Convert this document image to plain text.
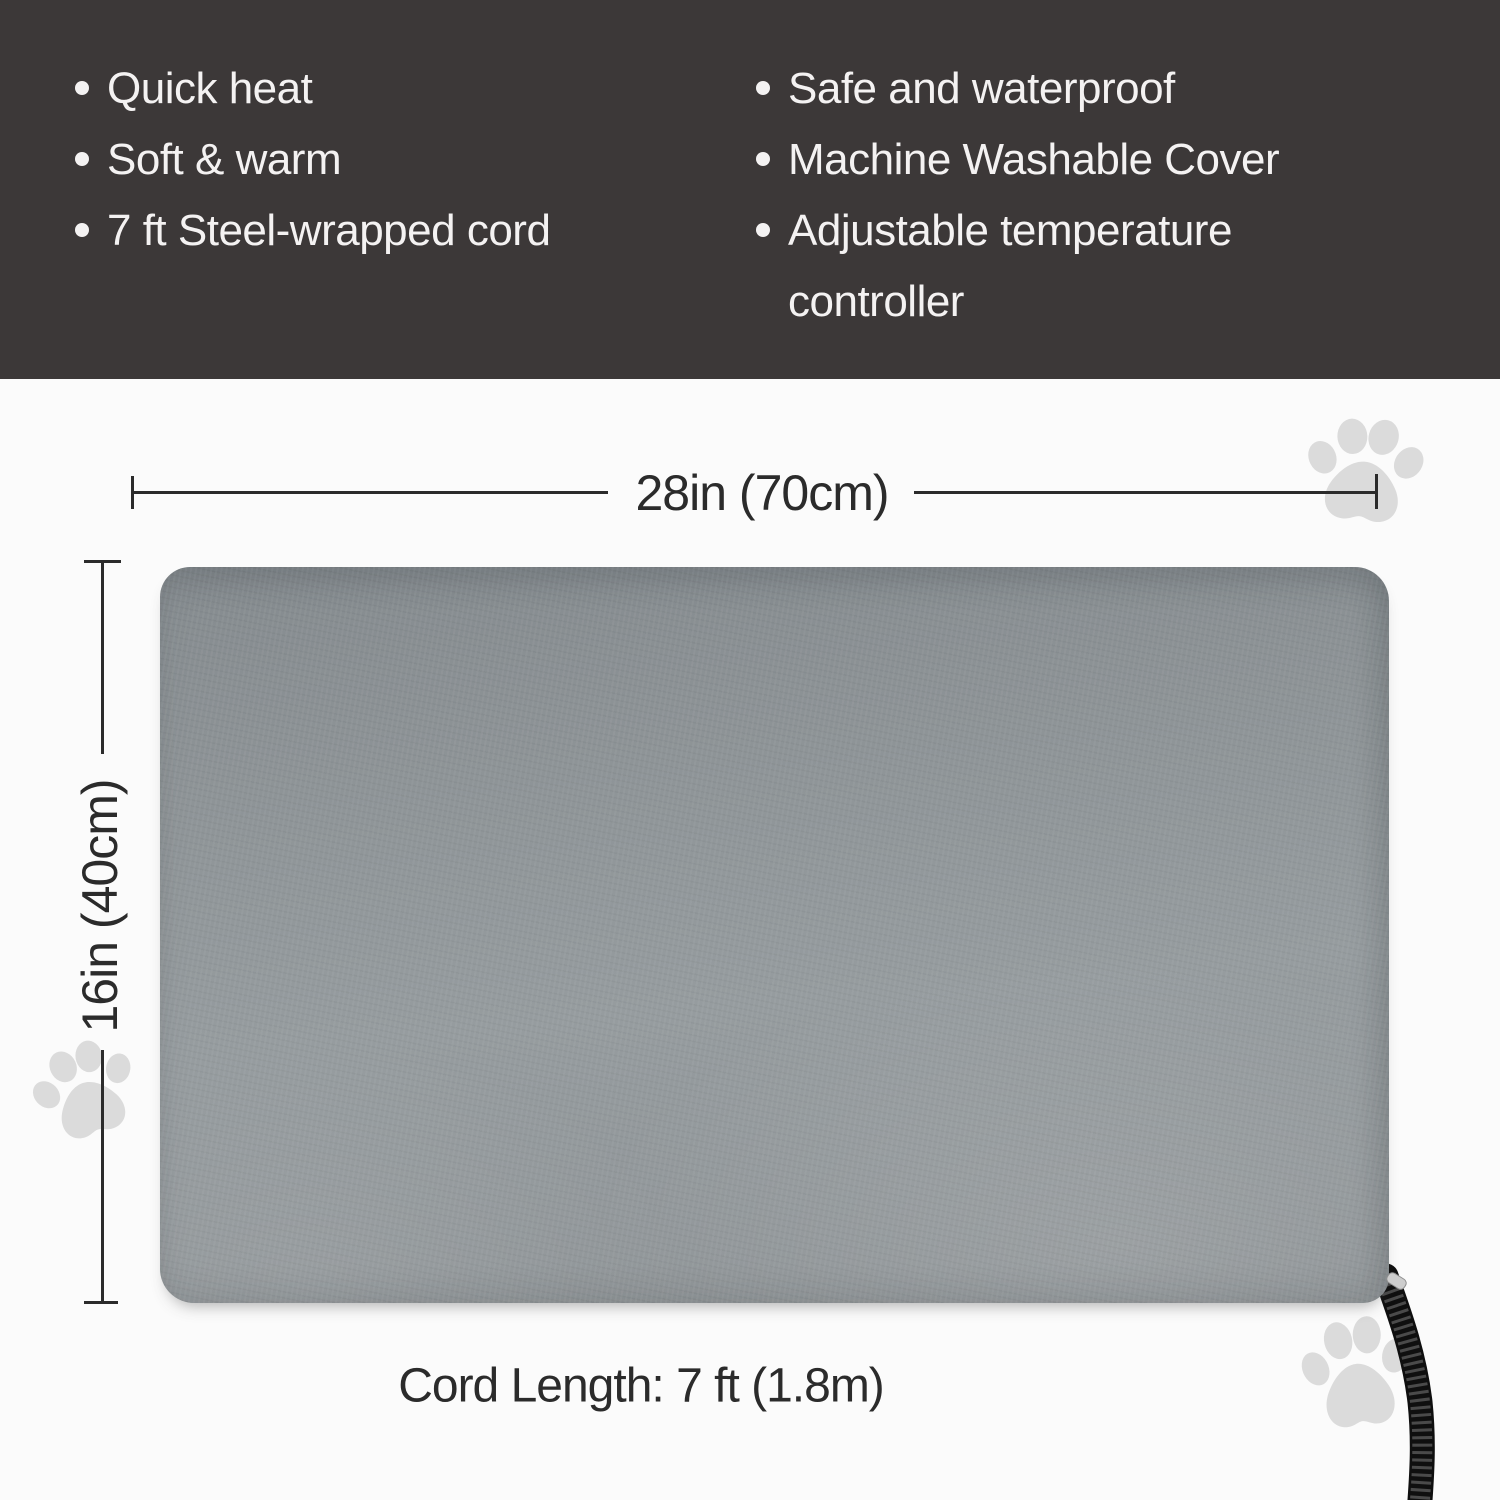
Quick heat
Soft & warm
7 ft Steel-wrapped cord
Safe and waterproof
Machine Washable Cover
Adjustable temperature controller
28in (70cm)
16in (40cm)
Cord Length: 7 ft (1.8m)
